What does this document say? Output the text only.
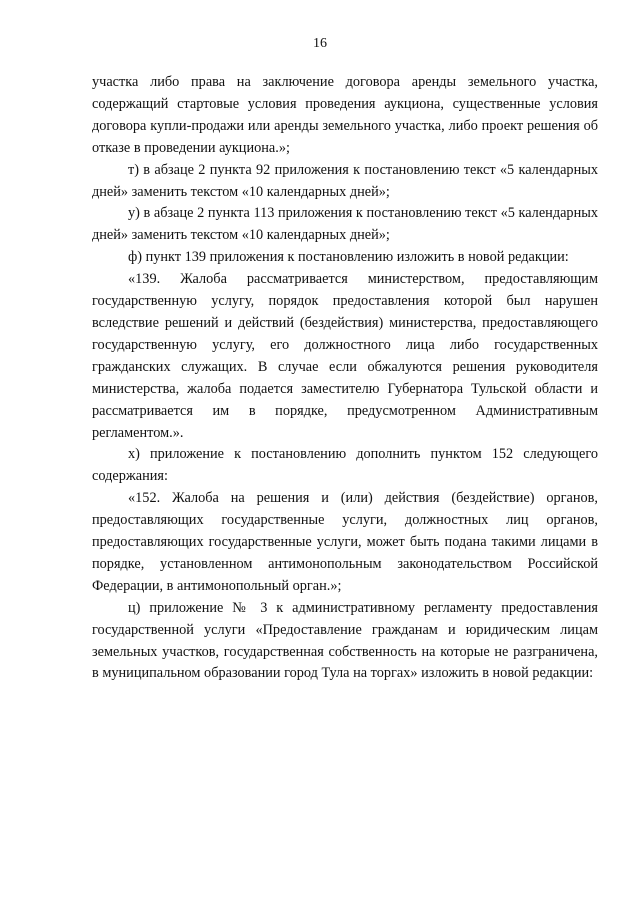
16

участка либо права на заключение договора аренды земельного участка, содержащий стартовые условия проведения аукциона, существенные условия договора купли-продажи или аренды земельного участка, либо проект решения об отказе в проведении аукциона.»;

т) в абзаце 2 пункта 92 приложения к постановлению текст «5 календарных дней» заменить текстом «10 календарных дней»;

у) в абзаце 2 пункта 113 приложения к постановлению текст «5 календарных дней» заменить текстом «10 календарных дней»;

ф) пункт 139 приложения к постановлению изложить в новой редакции:

«139. Жалоба рассматривается министерством, предоставляющим государственную услугу, порядок предоставления которой был нарушен вследствие решений и действий (бездействия) министерства, предоставляющего государственную услугу, его должностного лица либо государственных гражданских служащих. В случае если обжалуются решения руководителя министерства, жалоба подается заместителю Губернатора Тульской области и рассматривается им в порядке, предусмотренном Административным регламентом.».

х) приложение к постановлению дополнить пунктом 152 следующего содержания:

«152. Жалоба на решения и (или) действия (бездействие) органов, предоставляющих государственные услуги, должностных лиц органов, предоставляющих государственные услуги, может быть подана такими лицами в порядке, установленном антимонопольным законодательством Российской Федерации, в антимонопольный орган.»;

ц) приложение № 3 к административному регламенту предоставления государственной услуги «Предоставление гражданам и юридическим лицам земельных участков, государственная собственность на которые не разграничена, в муниципальном образовании город Тула на торгах» изложить в новой редакции:
